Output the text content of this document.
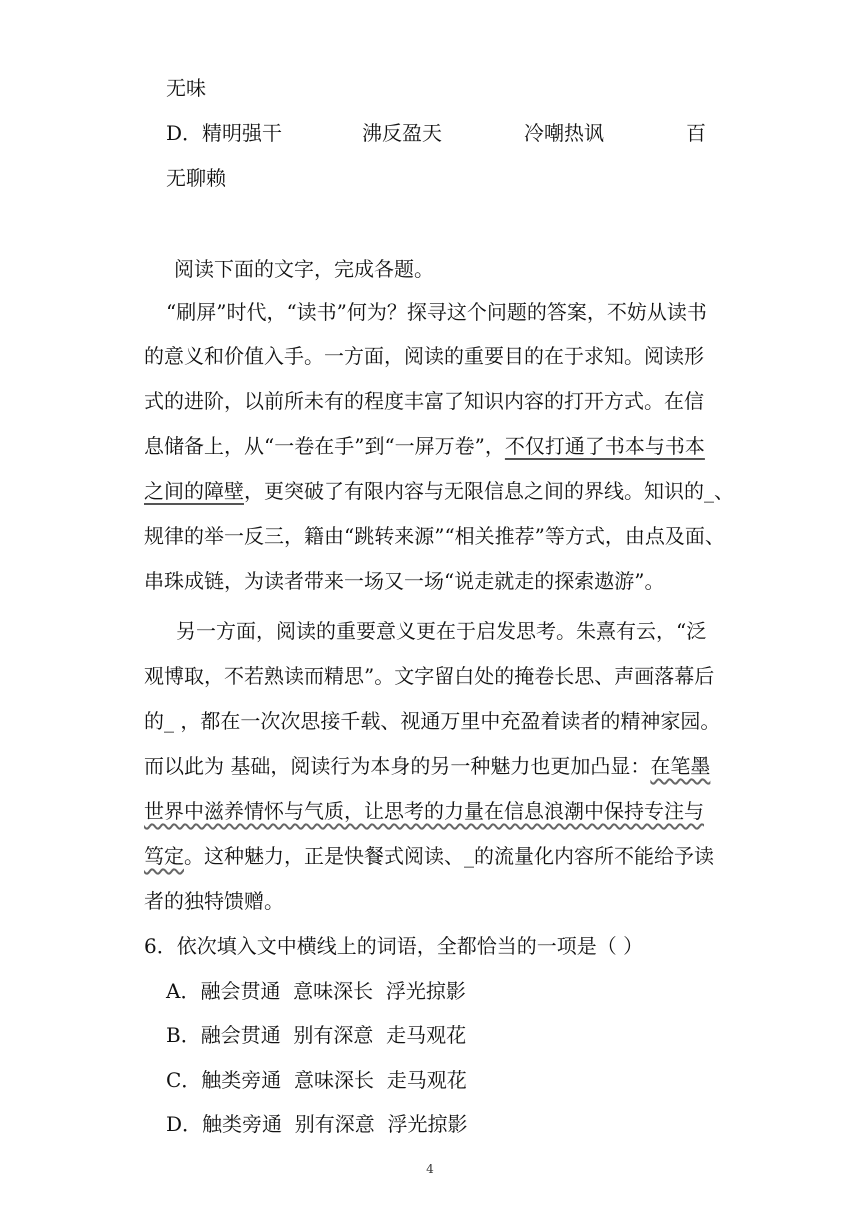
无味
D．精明强干	沸反盈天	冷嘲热讽	百
无聊赖
阅读下面的文字，完成各题。
“刷屏”时代，“读书”何为？探寻这个问题的答案，不妨从读书
的意义和价值入手。一方面，阅读的重要目的在于求知。阅读形
式的进阶，以前所未有的程度丰富了知识内容的打开方式。在信
息储备上，从“一卷在手”到“一屏万卷”，不仅打通了书本与书本
之间的障壁，更突破了有限内容与无限信息之间的界线。知识的_、
规律的举一反三，籍由“跳转来源”“相关推荐”等方式，由点及面、
串珠成链，为读者带来一场又一场“说走就走的探索遨游”。
另一方面，阅读的重要意义更在于启发思考。朱熹有云，“泛
观博取，不若熟读而精思”。文字留白处的掩卷长思、声画落幕后
的_ ，都在一次次思接千载、视通万里中充盈着读者的精神家园。
而以此为 基础，阅读行为本身的另一种魅力也更加凸显：在笔墨
世界中滋养情怀与气质，让思考的力量在信息浪潮中保持专注与
笃定。这种魅力，正是快餐式阅读、_的流量化内容所不能给予读
者的独特馈赠。
6．依次填入文中横线上的词语，全都恰当的一项是（ ）
A．融会贯通  意味深长  浮光掠影
B．融会贯通  别有深意  走马观花
C．触类旁通  意味深长  走马观花
D．触类旁通  别有深意  浮光掠影
4
